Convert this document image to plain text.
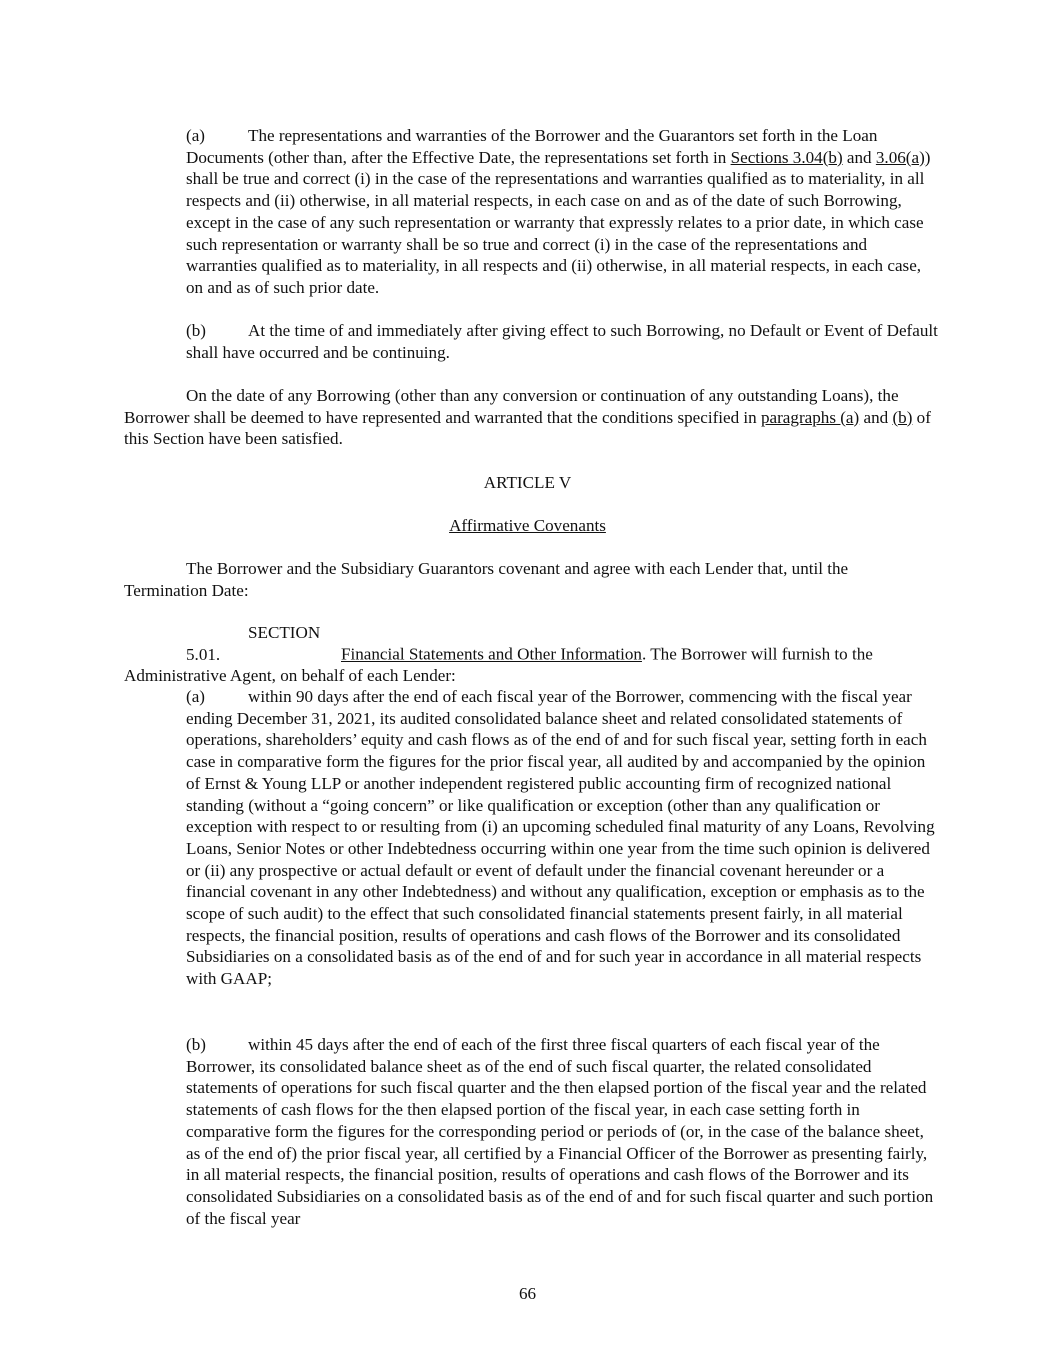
(a)	The representations and warranties of the Borrower and the Guarantors set forth in the Loan Documents (other than, after the Effective Date, the representations set forth in Sections 3.04(b) and 3.06(a)) shall be true and correct (i) in the case of the representations and warranties qualified as to materiality, in all respects and (ii) otherwise, in all material respects, in each case on and as of the date of such Borrowing, except in the case of any such representation or warranty that expressly relates to a prior date, in which case such representation or warranty shall be so true and correct (i) in the case of the representations and warranties qualified as to materiality, in all respects and (ii) otherwise, in all material respects, in each case, on and as of such prior date.

(b) At the time of and immediately after giving effect to such Borrowing, no Default or Event of Default shall have occurred and be continuing.

On the date of any Borrowing (other than any conversion or continuation of any outstanding Loans), the Borrower shall be deemed to have represented and warranted that the conditions specified in paragraphs (a) and (b) of this Section have been satisfied.

ARTICLE V

Affirmative Covenants

The Borrower and the Subsidiary Guarantors covenant and agree with each Lender that, until the Termination Date:

SECTION 5.01.	Financial Statements and Other Information. The Borrower will furnish to the Administrative Agent, on behalf of each Lender:

(a)	within 90 days after the end of each fiscal year of the Borrower, commencing with the fiscal year ending December 31, 2021, its audited consolidated balance sheet and related consolidated statements of operations, shareholders’ equity and cash flows as of the end of and for such fiscal year, setting forth in each case in comparative form the figures for the prior fiscal year, all audited by and accompanied by the opinion of Ernst & Young LLP or another independent registered public accounting firm of recognized national standing (without a “going concern” or like qualification or exception (other than any qualification or exception with respect to or resulting from (i) an upcoming scheduled final maturity of any Loans, Revolving Loans, Senior Notes or other Indebtedness occurring within one year from the time such opinion is delivered or (ii) any prospective or actual default or event of default under the financial covenant hereunder or a financial covenant in any other Indebtedness) and without any qualification, exception or emphasis as to the scope of such audit) to the effect that such consolidated financial statements present fairly, in all material respects, the financial position, results of operations and cash flows of the Borrower and its consolidated Subsidiaries on a consolidated basis as of the end of and for such year in accordance in all material respects with GAAP;

(b) within 45 days after the end of each of the first three fiscal quarters of each fiscal year of the Borrower, its consolidated balance sheet as of the end of such fiscal quarter, the related consolidated statements of operations for such fiscal quarter and the then elapsed portion of the fiscal year and the related statements of cash flows for the then elapsed portion of the fiscal year, in each case setting forth in comparative form the figures for the corresponding period or periods of (or, in the case of the balance sheet, as of the end of) the prior fiscal year, all certified by a Financial Officer of the Borrower as presenting fairly, in all material respects, the financial position, results of operations and cash flows of the Borrower and its consolidated Subsidiaries on a consolidated basis as of the end of and for such fiscal quarter and such portion of the fiscal year

66
